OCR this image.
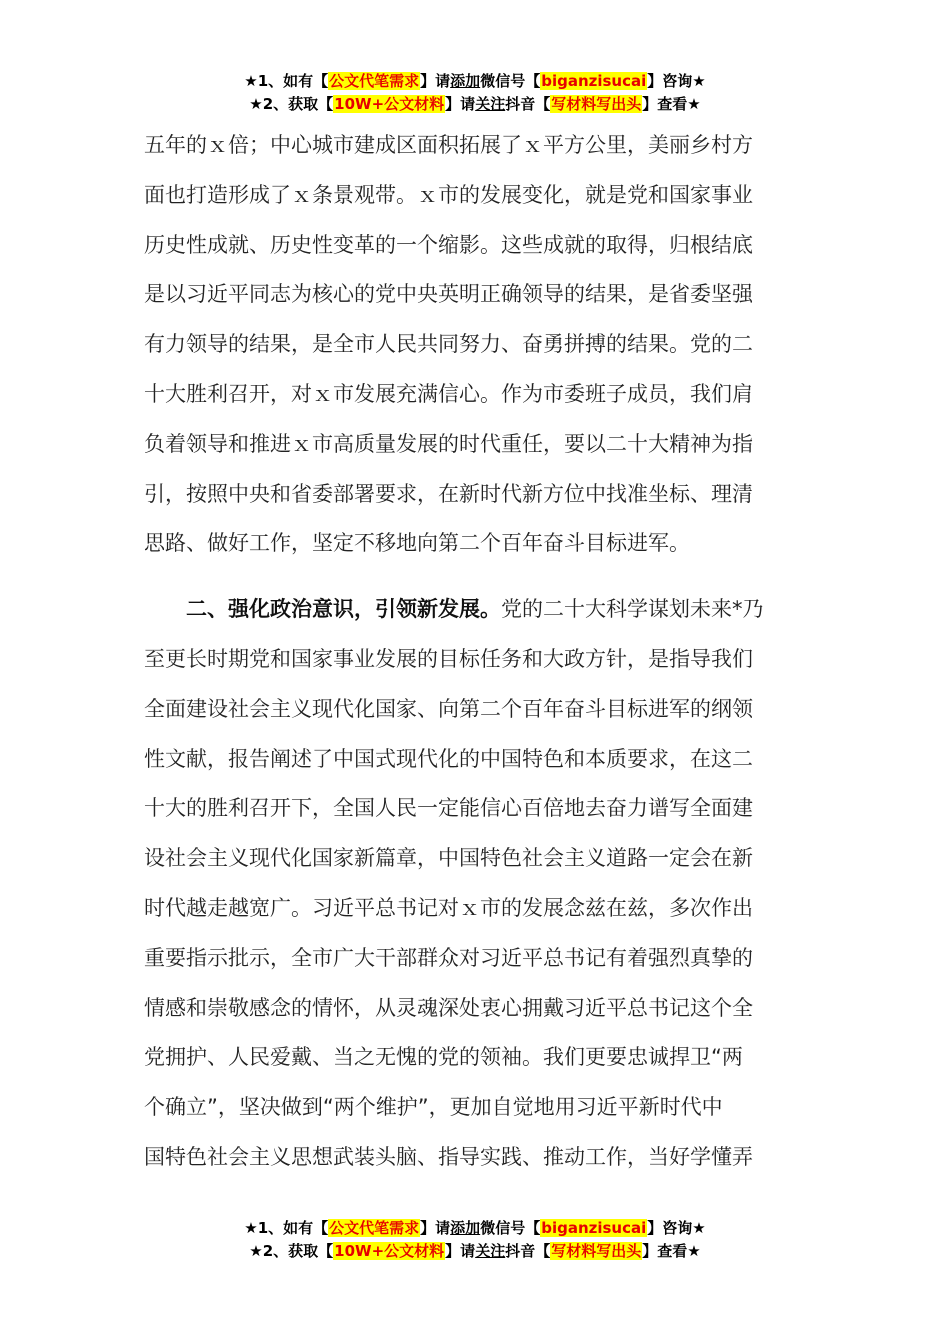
★1、如有【公文代笔需求】请添加微信号【biganzisucai】咨询★
★2、获取【10W+公文材料】请关注抖音【写材料写出头】查看★

五年的ｘ倍；中心城市建成区面积拓展了ｘ平方公里，美丽乡村方
面也打造形成了ｘ条景观带。ｘ市的发展变化，就是党和国家事业
历史性成就、历史性变革的一个缩影。这些成就的取得，归根结底
是以习近平同志为核心的党中央英明正确领导的结果，是省委坚强
有力领导的结果，是全市人民共同努力、奋勇拼搏的结果。党的二
十大胜利召开，对ｘ市发展充满信心。作为市委班子成员，我们肩
负着领导和推进ｘ市高质量发展的时代重任，要以二十大精神为指
引，按照中央和省委部署要求，在新时代新方位中找准坐标、理清
思路、做好工作，坚定不移地向第二个百年奋斗目标进军。

二、强化政治意识，引领新发展。党的二十大科学谋划未来*乃
至更长时期党和国家事业发展的目标任务和大政方针，是指导我们
全面建设社会主义现代化国家、向第二个百年奋斗目标进军的纲领
性文献，报告阐述了中国式现代化的中国特色和本质要求，在这二
十大的胜利召开下，全国人民一定能信心百倍地去奋力谱写全面建
设社会主义现代化国家新篇章，中国特色社会主义道路一定会在新
时代越走越宽广。习近平总书记对ｘ市的发展念兹在兹，多次作出
重要指示批示，全市广大干部群众对习近平总书记有着强烈真挚的
情感和崇敬感念的情怀，从灵魂深处衷心拥戴习近平总书记这个全
党拥护、人民爱戴、当之无愧的党的领袖。我们更要忠诚捍卫“两
个确立”，坚决做到“两个维护”，更加自觉地用习近平新时代中
国特色社会主义思想武装头脑、指导实践、推动工作，当好学懂弄

★1、如有【公文代笔需求】请添加微信号【biganzisucai】咨询★
★2、获取【10W+公文材料】请关注抖音【写材料写出头】查看★
